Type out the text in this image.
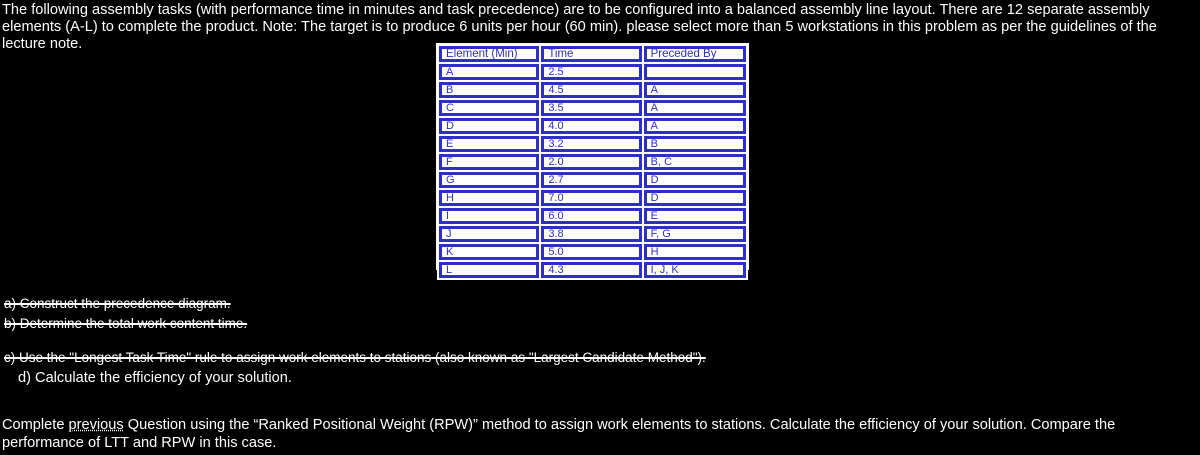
The following assembly tasks (with performance time in minutes and task precedence) are to be configured into a balanced assembly line layout. There are 12 separate assembly elements (A-L) to complete the product. Note: The target is to produce 6 units per hour (60 min). please select more than 5 workstations in this problem as per the guidelines of the lecture note.

Element (Min)	Time	Preceded By
A	2.5	
B	4.5	A
C	3.5	A
D	4.0	A
E	3.2	B
F	2.0	B, C
G	2.7	D
H	7.0	D
I	6.0	E
J	3.8	F, G
K	5.0	H
L	4.3	I, J, K
a) Construct the precedence diagram.
b) Determine the total work content time.
c) Use the "Longest Task Time" rule to assign work elements to stations (also known as "Largest Candidate Method").
d) Calculate the efficiency of your solution.

Complete previous Question using the “Ranked Positional Weight (RPW)” method to assign work elements to stations. Calculate the efficiency of your solution. Compare the performance of LTT and RPW in this case.
